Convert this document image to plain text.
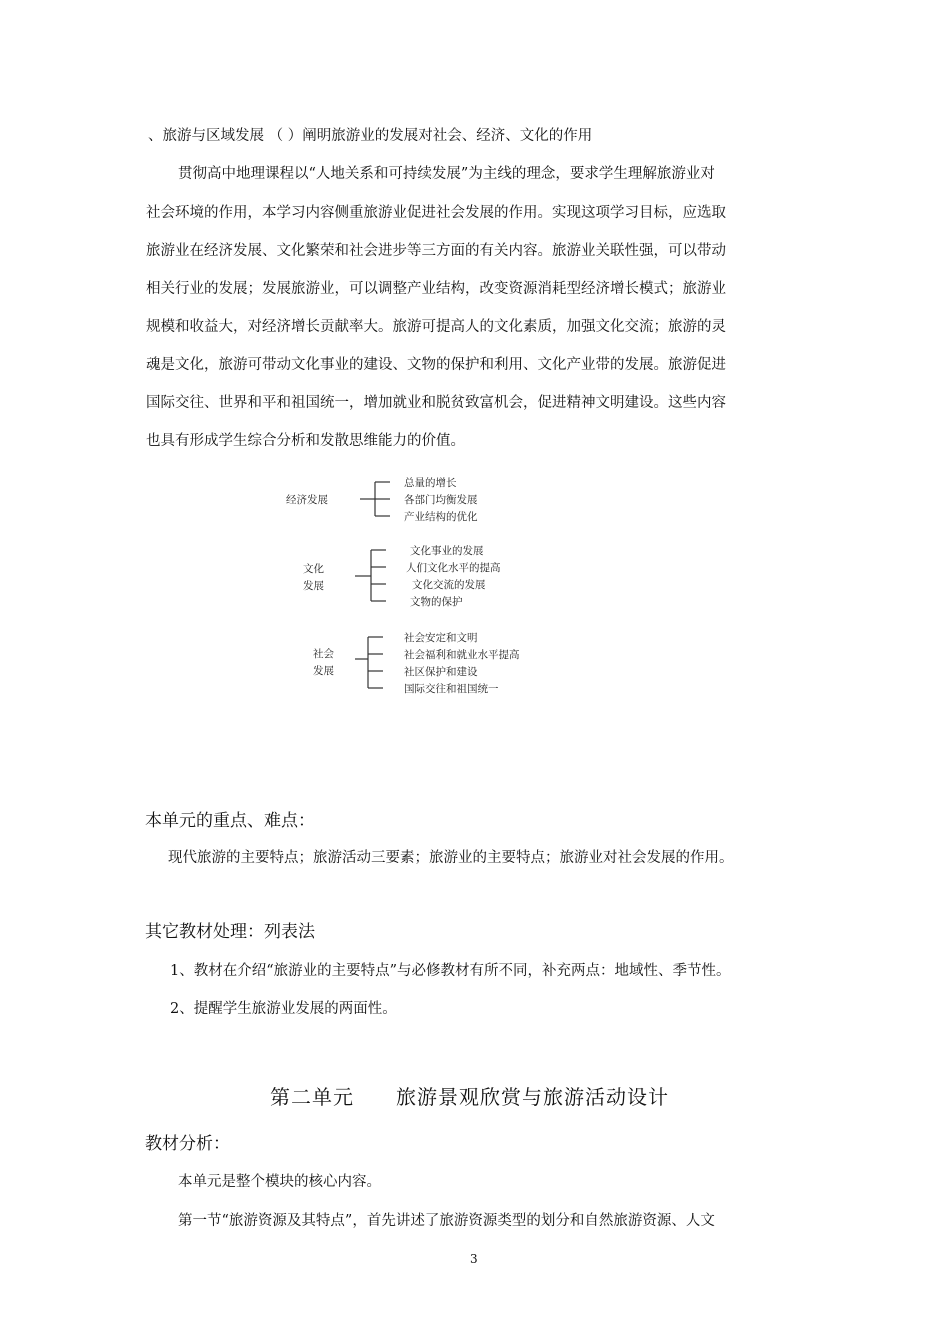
、旅游与区域发展 （ ）阐明旅游业的发展对社会、经济、文化的作用
贯彻高中地理课程以“人地关系和可持续发展”为主线的理念，要求学生理解旅游业对
社会环境的作用，本学习内容侧重旅游业促进社会发展的作用。实现这项学习目标，应选取
旅游业在经济发展、文化繁荣和社会进步等三方面的有关内容。旅游业关联性强，可以带动
相关行业的发展；发展旅游业，可以调整产业结构，改变资源消耗型经济增长模式；旅游业
规模和收益大，对经济增长贡献率大。旅游可提高人的文化素质，加强文化交流；旅游的灵
魂是文化，旅游可带动文化事业的建设、文物的保护和利用、文化产业带的发展。旅游促进
国际交往、世界和平和祖国统一，增加就业和脱贫致富机会，促进精神文明建设。这些内容
也具有形成学生综合分析和发散思维能力的价值。
经济发展
总量的增长
各部门均衡发展
产业结构的优化
文化
发展
文化事业的发展
人们文化水平的提高
文化交流的发展
文物的保护
社会
发展
社会安定和文明
社会福利和就业水平提高
社区保护和建设
国际交往和祖国统一
本单元的重点、难点：
现代旅游的主要特点；旅游活动三要素；旅游业的主要特点；旅游业对社会发展的作用。
其它教材处理：列表法
1、教材在介绍“旅游业的主要特点”与必修教材有所不同，补充两点：地域性、季节性。
2、提醒学生旅游业发展的两面性。
第二单元　　旅游景观欣赏与旅游活动设计
教材分析：
本单元是整个模块的核心内容。
第一节“旅游资源及其特点”，首先讲述了旅游资源类型的划分和自然旅游资源、人文
3
